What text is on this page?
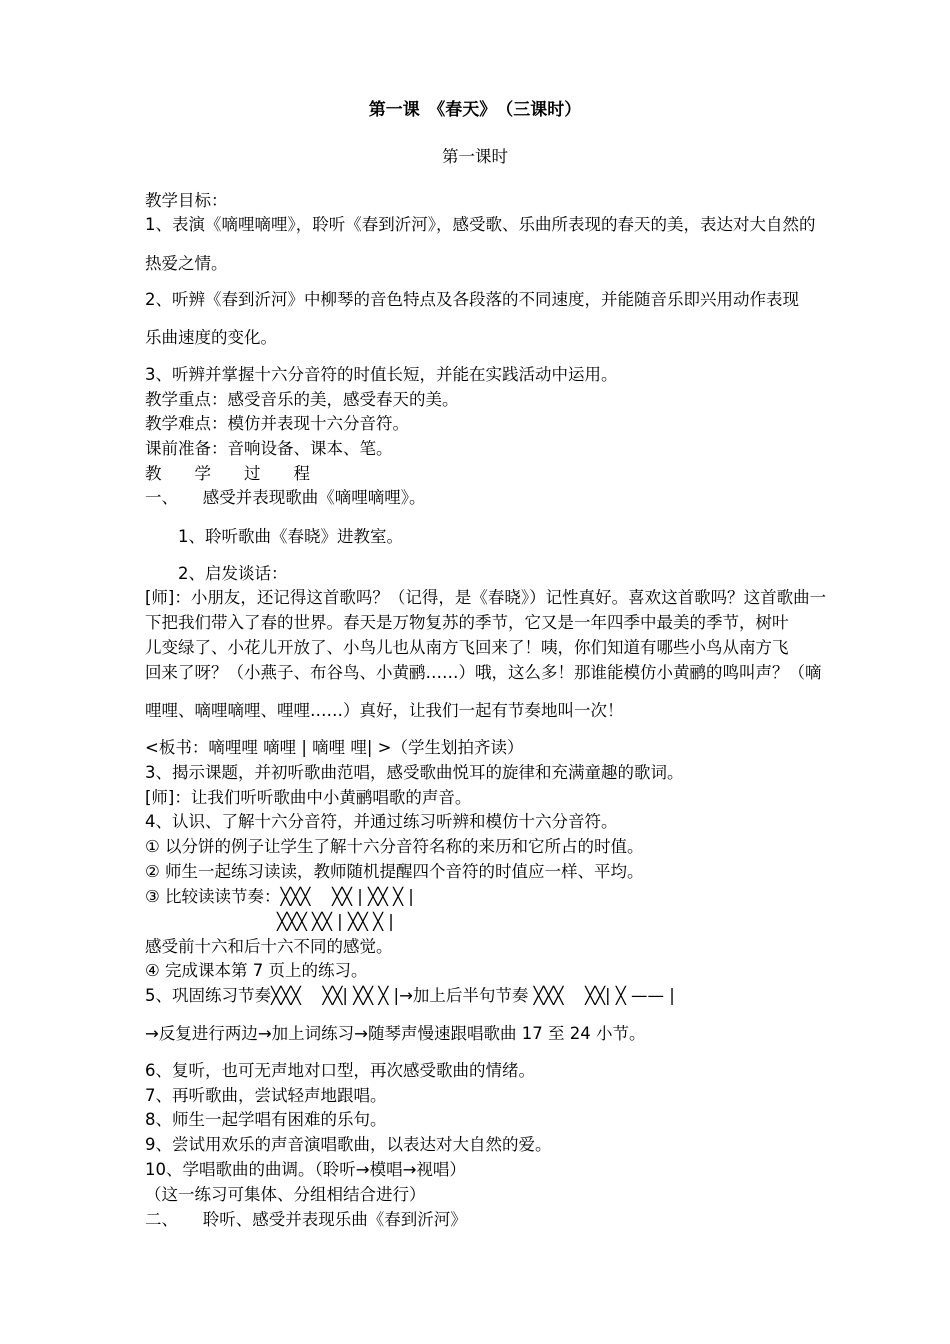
第一课　《春天》　（三课时）
第一课时
教学目标：
1、表演《嘀哩嘀哩》，聆听《春到沂河》，感受歌、乐曲所表现的春天的美，表达对大自然的
热爱之情。
2、听辨《春到沂河》中柳琴的音色特点及各段落的不同速度，并能随音乐即兴用动作表现
乐曲速度的变化。
3、听辨并掌握十六分音符的时值长短，并能在实践活动中运用。
教学重点：感受音乐的美，感受春天的美。
教学难点：模仿并表现十六分音符。
课前准备：音响设备、课本、笔。
教　　学　　过　　程
一、　　感受并表现歌曲《嘀哩嘀哩》。
　　1、聆听歌曲《春晓》进教室。
　　2、启发谈话：
[师]：小朋友，还记得这首歌吗？（记得，是《春晓》）记性真好。喜欢这首歌吗？这首歌曲一
下把我们带入了春的世界。春天是万物复苏的季节，它又是一年四季中最美的季节，树叶
儿变绿了、小花儿开放了、小鸟儿也从南方飞回来了！咦，你们知道有哪些小鸟从南方飞
回来了呀？（小燕子、布谷鸟、小黄鹂……）哦，这么多！那谁能模仿小黄鹂的鸣叫声？（嘀
哩哩、嘀哩嘀哩、哩哩……）真好，让我们一起有节奏地叫一次！
<板书：嘀哩哩 嘀哩 | 嘀哩 哩| >（学生划拍齐读）
3、揭示课题，并初听歌曲范唱，感受歌曲悦耳的旋律和充满童趣的歌词。
[师]：让我们听听歌曲中小黄鹂唱歌的声音。
4、认识、了解十六分音符，并通过练习听辨和模仿十六分音符。
① 以分饼的例子让学生了解十六分音符名称的来历和它所占的时值。
② 师生一起练习读读，教师随机提醒四个音符的时值应一样、平均。
③ 比较读读节奏：╳╳╳　 ╳╳ | ╳╳ ╳ |
　　　　　　　　╳╳╳ ╳╳ | ╳╳ ╳ |
感受前十六和后十六不同的感觉。
④ 完成课本第 7 页上的练习。
5、巩固练习节奏╳╳╳　 ╳╳| ╳╳ ╳ |→加上后半句节奏 ╳╳╳　 ╳╳| ╳ —— |
→反复进行两边→加上词练习→随琴声慢速跟唱歌曲 17 至 24 小节。
6、复听，也可无声地对口型，再次感受歌曲的情绪。
7、再听歌曲，尝试轻声地跟唱。
8、师生一起学唱有困难的乐句。
9、尝试用欢乐的声音演唱歌曲，以表达对大自然的爱。
10、学唱歌曲的曲调。（聆听→模唱→视唱）
（这一练习可集体、分组相结合进行）
二、　　聆听、感受并表现乐曲《春到沂河》
